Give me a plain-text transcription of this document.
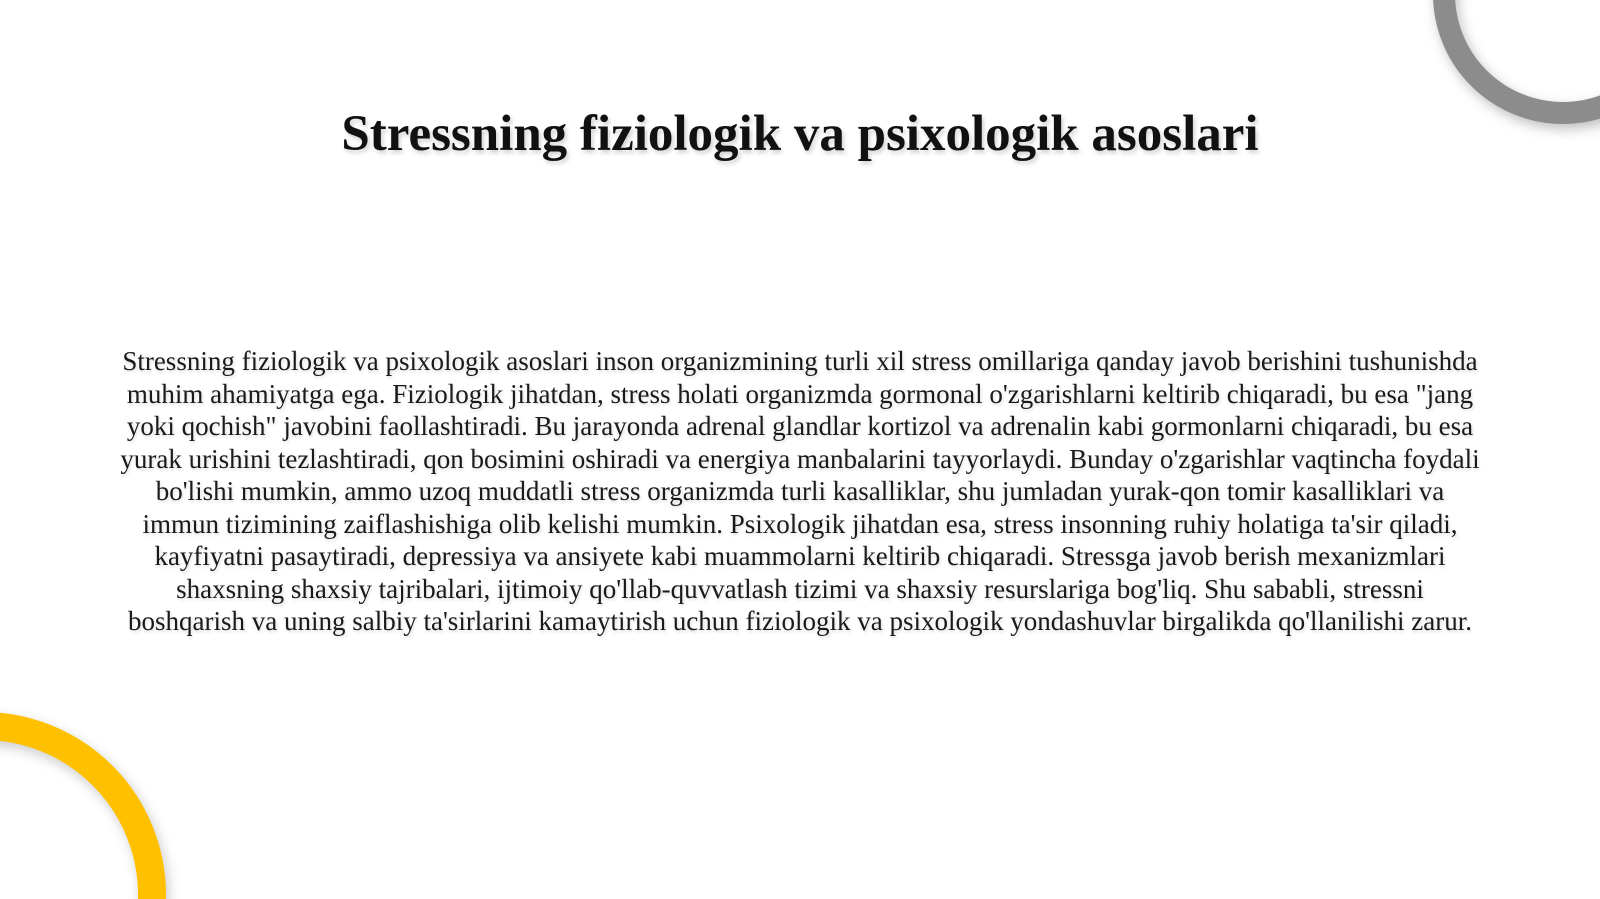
Stressning fiziologik va psixologik asoslari

Stressning fiziologik va psixologik asoslari inson organizmining turli xil stress omillariga qanday javob berishini tushunishda muhim ahamiyatga ega. Fiziologik jihatdan, stress holati organizmda gormonal o'zgarishlarni keltirib chiqaradi, bu esa "jang yoki qochish" javobini faollashtiradi. Bu jarayonda adrenal glandlar kortizol va adrenalin kabi gormonlarni chiqaradi, bu esa yurak urishini tezlashtiradi, qon bosimini oshiradi va energiya manbalarini tayyorlaydi. Bunday o'zgarishlar vaqtincha foydali bo'lishi mumkin, ammo uzoq muddatli stress organizmda turli kasalliklar, shu jumladan yurak-qon tomir kasalliklari va immun tizimining zaiflashishiga olib kelishi mumkin. Psixologik jihatdan esa, stress insonning ruhiy holatiga ta'sir qiladi, kayfiyatni pasaytiradi, depressiya va ansiyete kabi muammolarni keltirib chiqaradi. Stressga javob berish mexanizmlari shaxsning shaxsiy tajribalari, ijtimoiy qo'llab-quvvatlash tizimi va shaxsiy resurslariga bog'liq. Shu sababli, stressni boshqarish va uning salbiy ta'sirlarini kamaytirish uchun fiziologik va psixologik yondashuvlar birgalikda qo'llanilishi zarur.
